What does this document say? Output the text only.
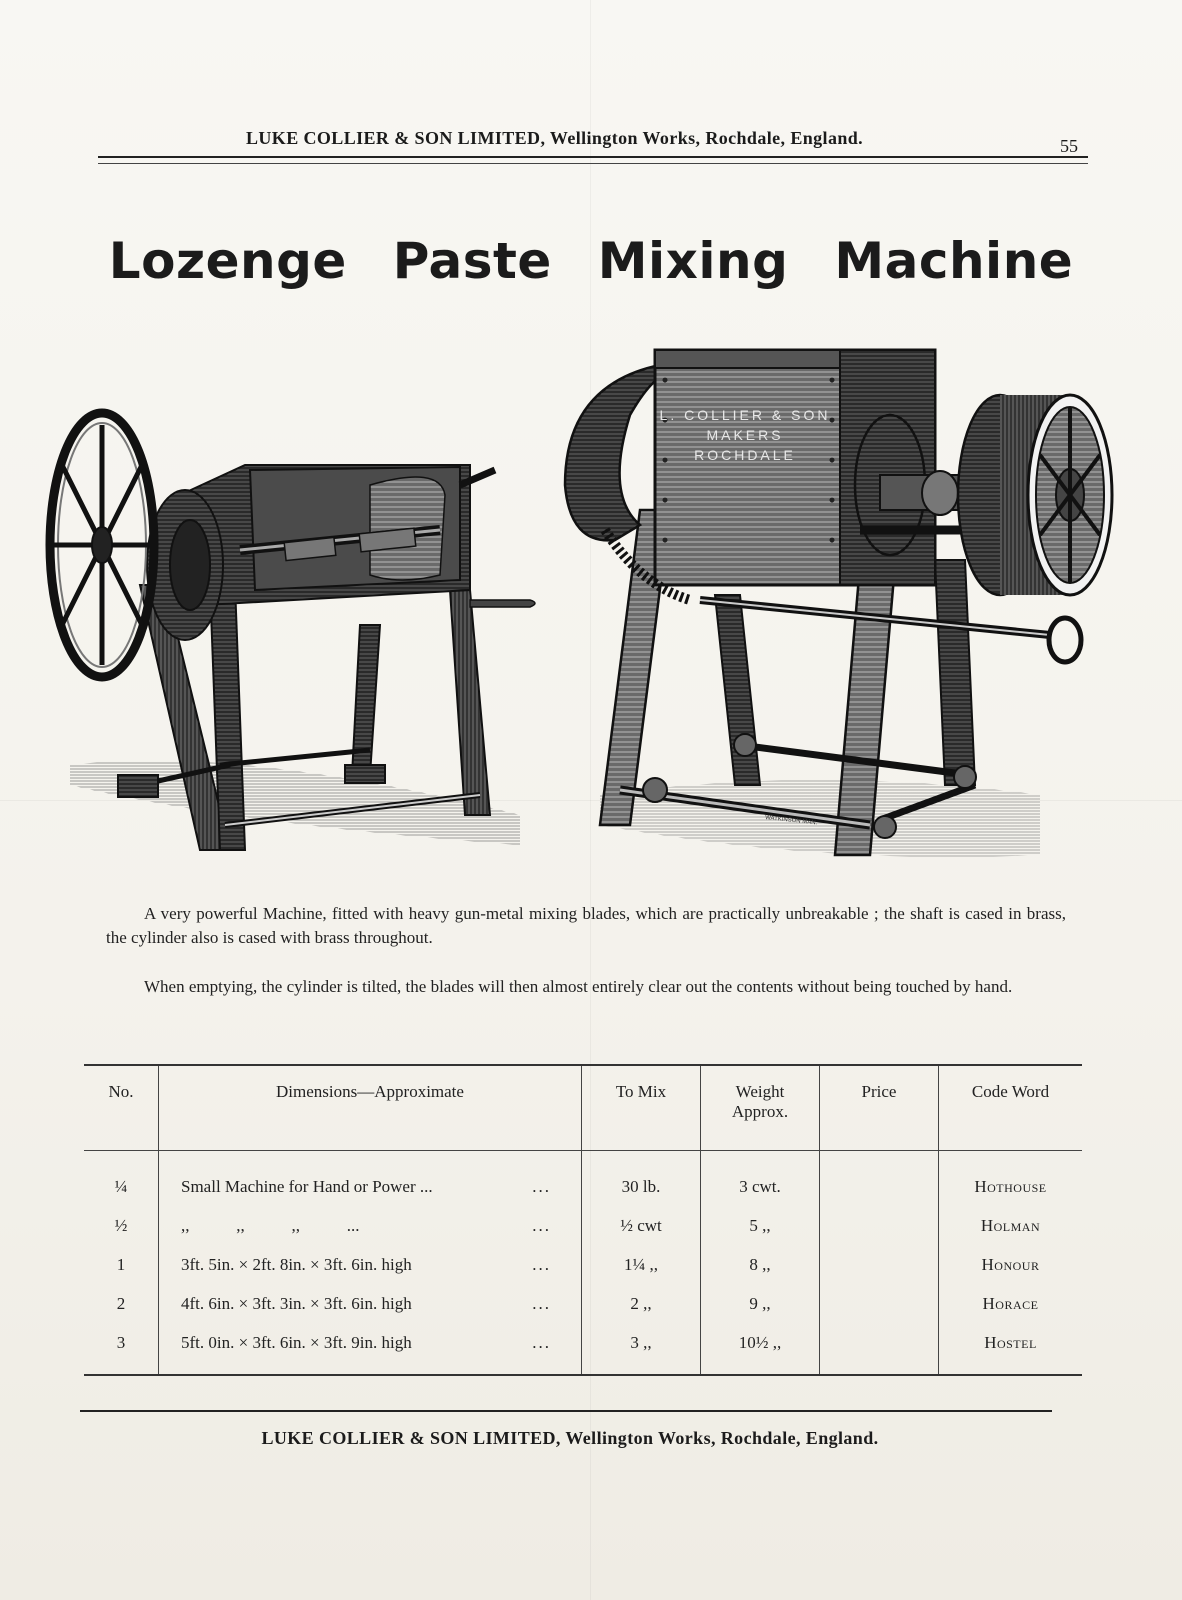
LUKE COLLIER & SON LIMITED, Wellington Works, Rochdale, England.	55
Lozenge Paste Mixing Machine
L. COLLIER & SON
MAKERS
ROCHDALE
WATKINSON MAN.
A very powerful Machine, fitted with heavy gun-metal mixing blades, which are practically unbreakable ; the shaft is cased in brass, the cylinder also is cased with brass throughout.
When emptying, the cylinder is tilted, the blades will then almost entirely clear out the contents without being touched by hand.
No.	Dimensions—Approximate	To Mix	Weight Approx.	Price	Code Word
¼	Small Machine for Hand or Power ... ...	30 lb.	3 cwt.		Hothouse
½	,,           ,,           ,,           ... ...	½ cwt	5 ,,		Holman
1	3ft. 5in. × 2ft. 8in. × 3ft. 6in. high ...	1¼ ,,	8 ,,		Honour
2	4ft. 6in. × 3ft. 3in. × 3ft. 6in. high ...	2 ,,	9 ,,		Horace
3	5ft. 0in. × 3ft. 6in. × 3ft. 9in. high ...	3 ,,	10½ ,,		Hostel
LUKE COLLIER & SON LIMITED, Wellington Works, Rochdale, England.
